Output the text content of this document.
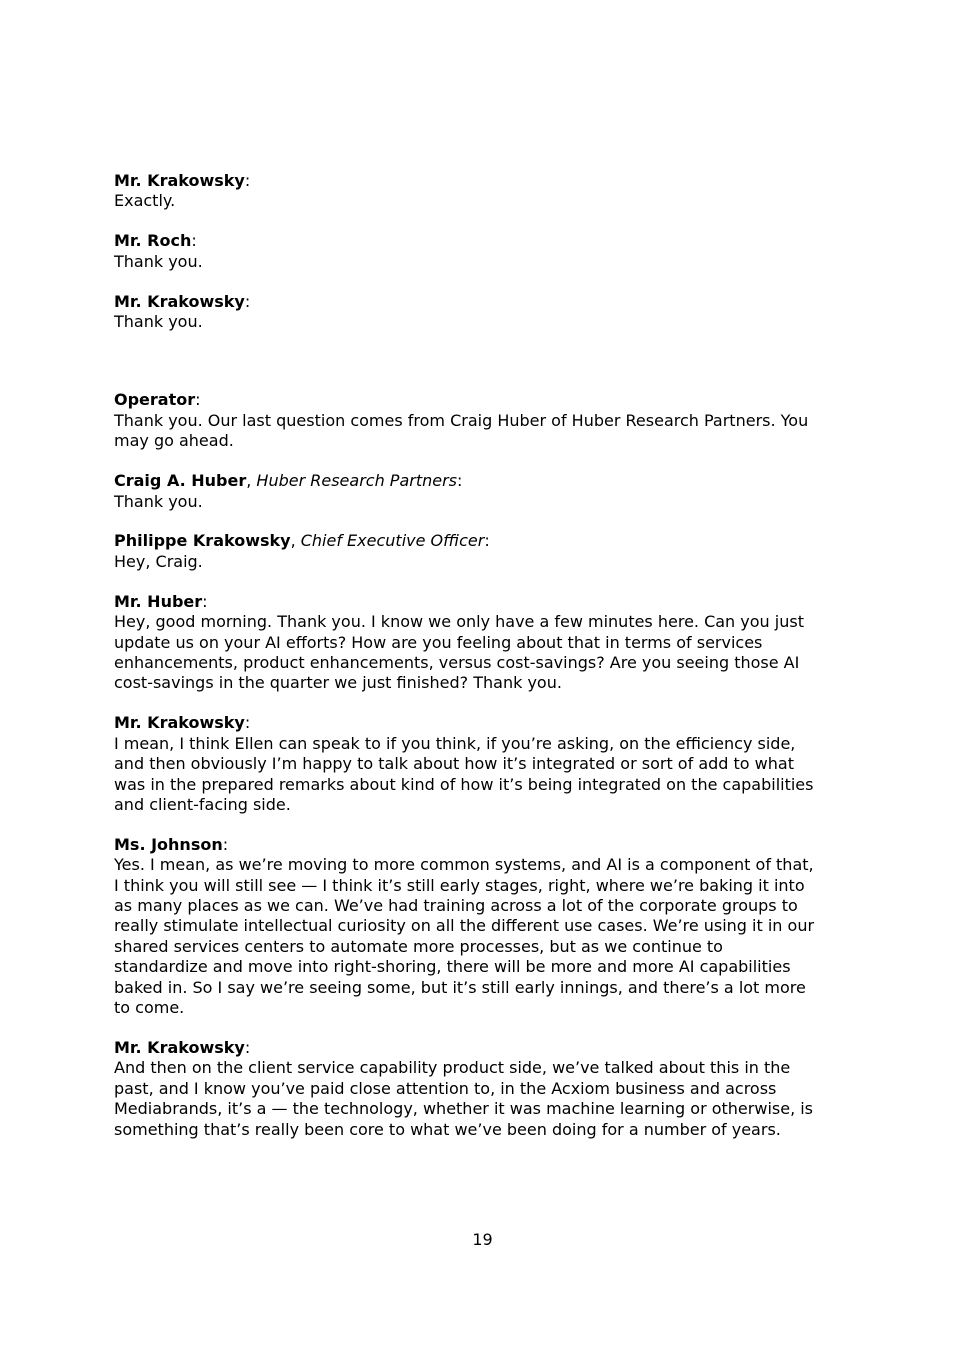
Mr. Krakowsky:
Exactly.
Mr. Roch:
Thank you.
Mr. Krakowsky:
Thank you.
Operator:
Thank you. Our last question comes from Craig Huber of Huber Research Partners. You
may go ahead.
Craig A. Huber, Huber Research Partners:
Thank you.
Philippe Krakowsky, Chief Executive Officer:
Hey, Craig.
Mr. Huber:
Hey, good morning. Thank you. I know we only have a few minutes here. Can you just
update us on your AI efforts? How are you feeling about that in terms of services
enhancements, product enhancements, versus cost-savings? Are you seeing those AI
cost-savings in the quarter we just finished? Thank you.
Mr. Krakowsky:
I mean, I think Ellen can speak to if you think, if you’re asking, on the efficiency side,
and then obviously I’m happy to talk about how it’s integrated or sort of add to what
was in the prepared remarks about kind of how it’s being integrated on the capabilities
and client-facing side.
Ms. Johnson:
Yes. I mean, as we’re moving to more common systems, and AI is a component of that,
I think you will still see — I think it’s still early stages, right, where we’re baking it into
as many places as we can. We’ve had training across a lot of the corporate groups to
really stimulate intellectual curiosity on all the different use cases. We’re using it in our
shared services centers to automate more processes, but as we continue to
standardize and move into right-shoring, there will be more and more AI capabilities
baked in. So I say we’re seeing some, but it’s still early innings, and there’s a lot more
to come.
Mr. Krakowsky:
And then on the client service capability product side, we’ve talked about this in the
past, and I know you’ve paid close attention to, in the Acxiom business and across
Mediabrands, it’s a — the technology, whether it was machine learning or otherwise, is
something that’s really been core to what we’ve been doing for a number of years.
19
